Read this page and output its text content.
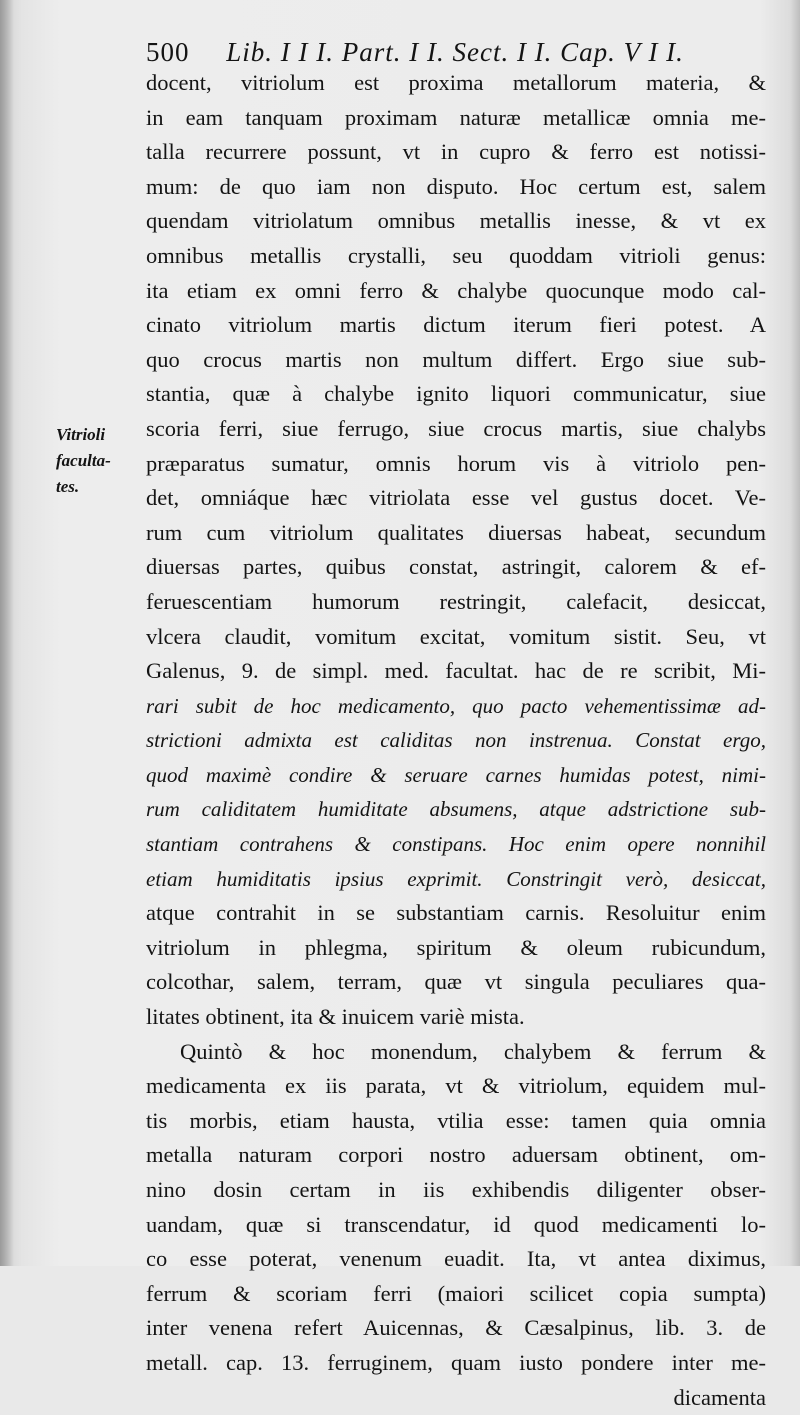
500 Lib. I I I. Part. I I. Sect. I I. Cap. V I I.
Vitrioli
faculta-
tes.
docent, vitriolum est proxima metallorum materia, &
in eam tanquam proximam naturæ metallicæ omnia me-
talla recurrere possunt, vt in cupro & ferro est notissi-
mum: de quo iam non disputo. Hoc certum est, salem
quendam vitriolatum omnibus metallis inesse, & vt ex
omnibus metallis crystalli, seu quoddam vitrioli genus:
ita etiam ex omni ferro & chalybe quocunque modo cal-
cinato vitriolum martis dictum iterum fieri potest. A
quo crocus martis non multum differt. Ergo siue sub-
stantia, quæ à chalybe ignito liquori communicatur, siue
scoria ferri, siue ferrugo, siue crocus martis, siue chalybs
præparatus sumatur, omnis horum vis à vitriolo pen-
det, omniáque hæc vitriolata esse vel gustus docet. Ve-
rum cum vitriolum qualitates diuersas habeat, secundum
diuersas partes, quibus constat, astringit, calorem & ef-
feruescentiam humorum restringit, calefacit, desiccat,
vlcera claudit, vomitum excitat, vomitum sistit. Seu, vt
Galenus, 9. de simpl. med. facultat. hac de re scribit, Mi-
rari subit de hoc medicamento, quo pacto vehementissimæ ad-
strictioni admixta est caliditas non instrenua. Constat ergo,
quod maximè condire & seruare carnes humidas potest, nimi-
rum caliditatem humiditate absumens, atque adstrictione sub-
stantiam contrahens & constipans. Hoc enim opere nonnihil
etiam humiditatis ipsius exprimit. Constringit verò, desiccat,
atque contrahit in se substantiam carnis. Resoluitur enim
vitriolum in phlegma, spiritum & oleum rubicundum,
colcothar, salem, terram, quæ vt singula peculiares qua-
litates obtinent, ita & inuicem variè mista.
Quintò & hoc monendum, chalybem & ferrum &
medicamenta ex iis parata, vt & vitriolum, equidem mul-
tis morbis, etiam hausta, vtilia esse: tamen quia omnia
metalla naturam corpori nostro aduersam obtinent, om-
nino dosin certam in iis exhibendis diligenter obser-
uandam, quæ si transcendatur, id quod medicamenti lo-
co esse poterat, venenum euadit. Ita, vt antea diximus,
ferrum & scoriam ferri (maiori scilicet copia sumpta)
inter venena refert Auicennas, & Cæsalpinus, lib. 3. de
metall. cap. 13. ferruginem, quam iusto pondere inter me-
dicamenta
